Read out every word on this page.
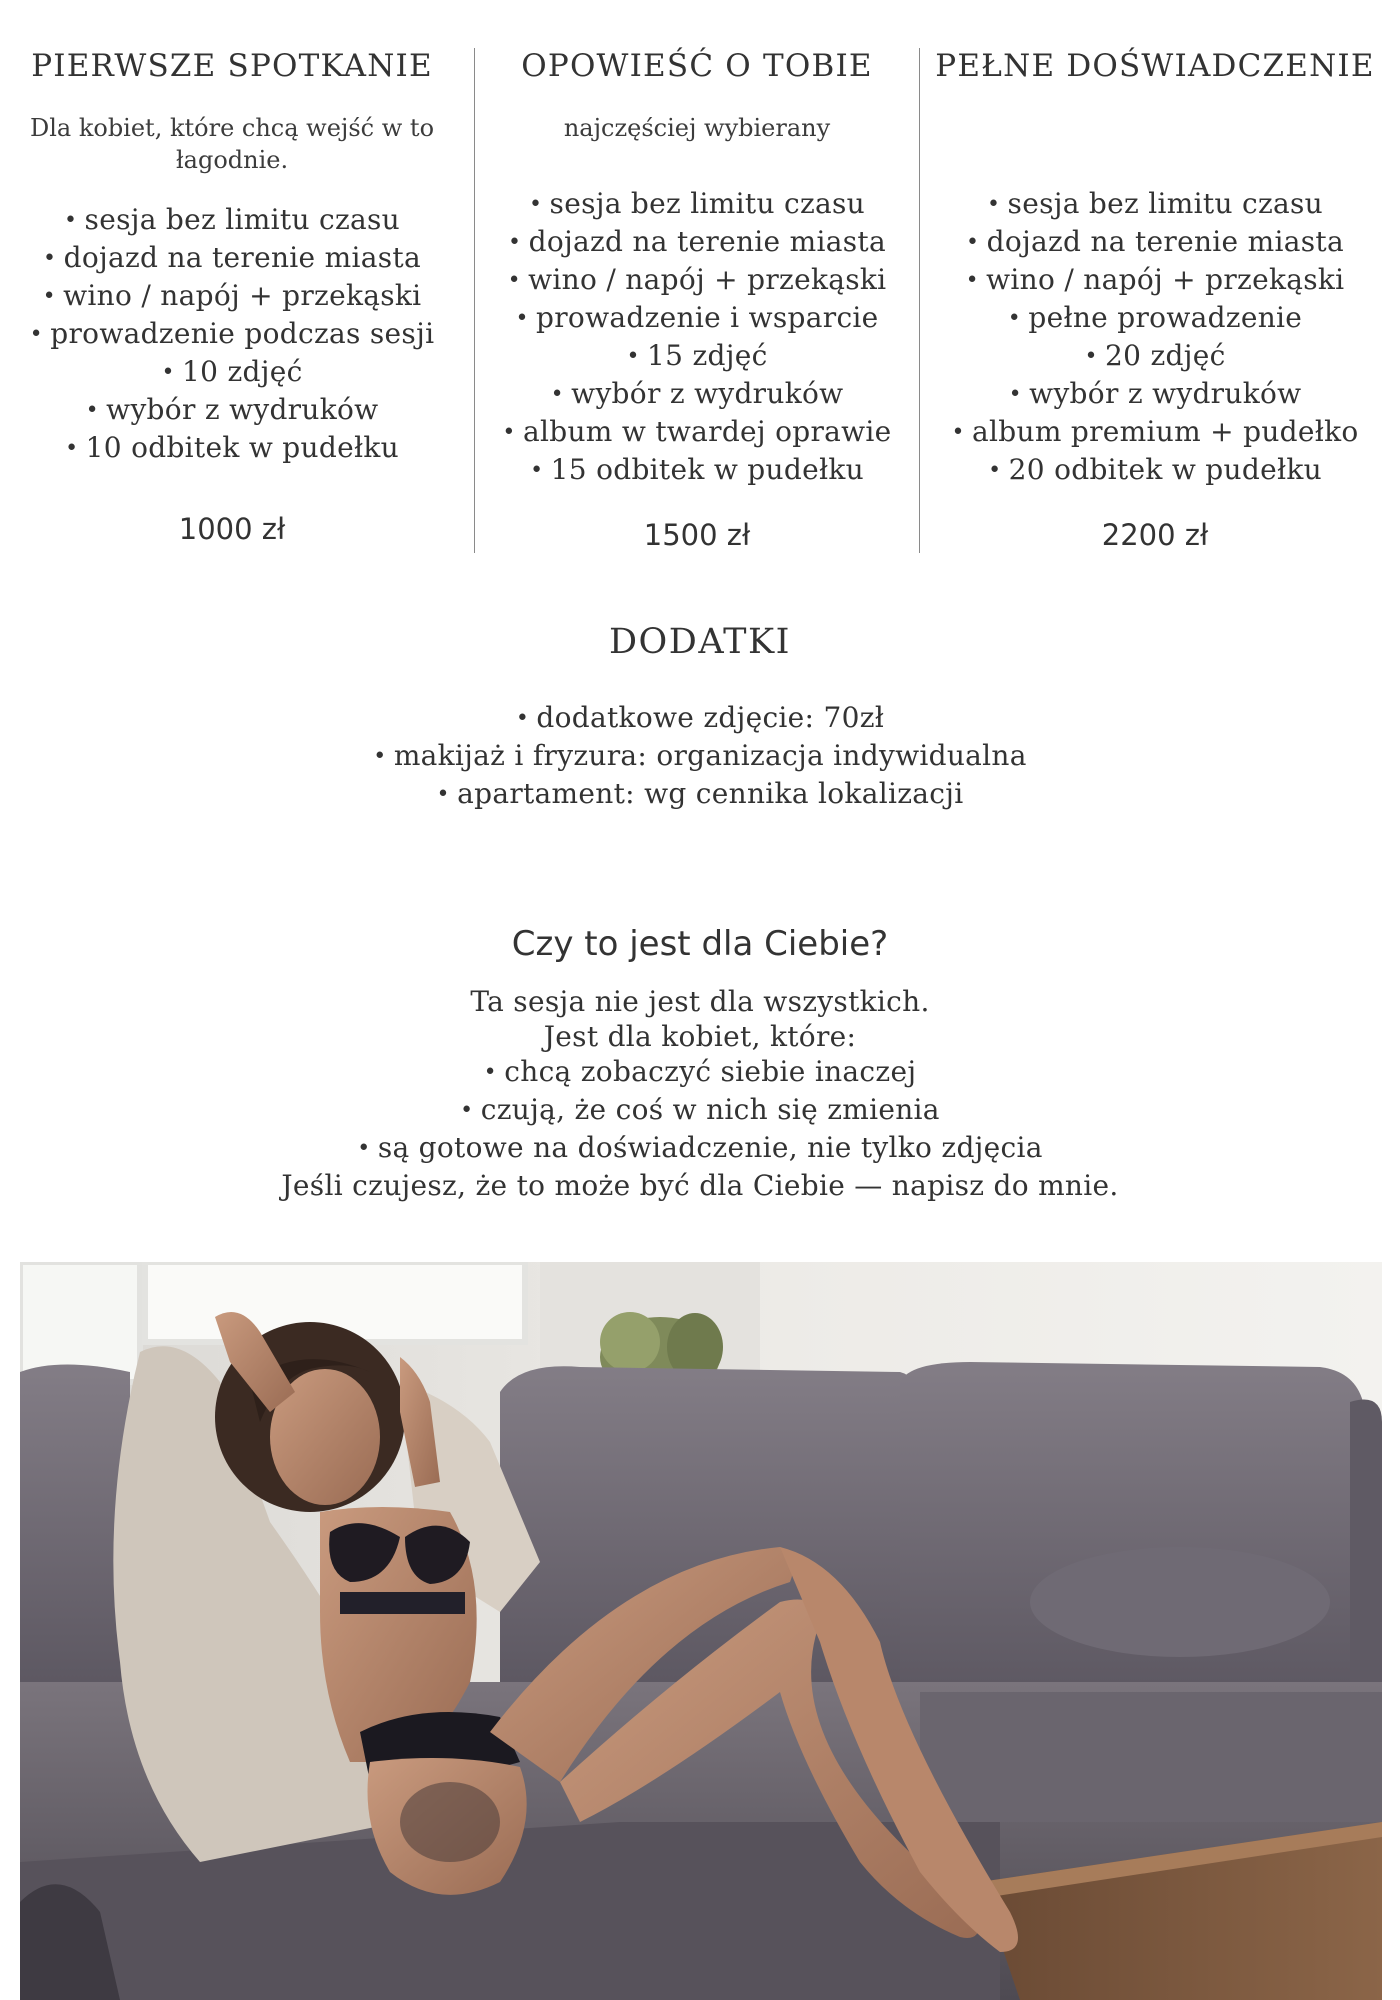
PIERWSZE SPOTKANIE
Dla kobiet, które chcą wejść w to łagodnie.
• sesja bez limitu czasu
• dojazd na terenie miasta
• wino / napój + przekąski
• prowadzenie podczas sesji
• 10 zdjęć
• wybór z wydruków
• 10 odbitek w pudełku
1000 zł
OPOWIEŚĆ O TOBIE
najczęściej wybierany
• sesja bez limitu czasu
• dojazd na terenie miasta
• wino / napój + przekąski
• prowadzenie i wsparcie
• 15 zdjęć
• wybór z wydruków
• album w twardej oprawie
• 15 odbitek w pudełku
1500 zł
PEŁNE DOŚWIADCZENIE
• sesja bez limitu czasu
• dojazd na terenie miasta
• wino / napój + przekąski
• pełne prowadzenie
• 20 zdjęć
• wybór z wydruków
• album premium + pudełko
• 20 odbitek w pudełku
2200 zł
DODATKI
• dodatkowe zdjęcie: 70zł
• makijaż i fryzura: organizacja indywidualna
• apartament: wg cennika lokalizacji
Czy to jest dla Ciebie?

Ta sesja nie jest dla wszystkich.

Jest dla kobiet, które:

• chcą zobaczyć siebie inaczej
• czują, że coś w nich się zmienia
• są gotowe na doświadczenie, nie tylko zdjęcia

Jeśli czujesz, że to może być dla Ciebie — napisz do mnie.
